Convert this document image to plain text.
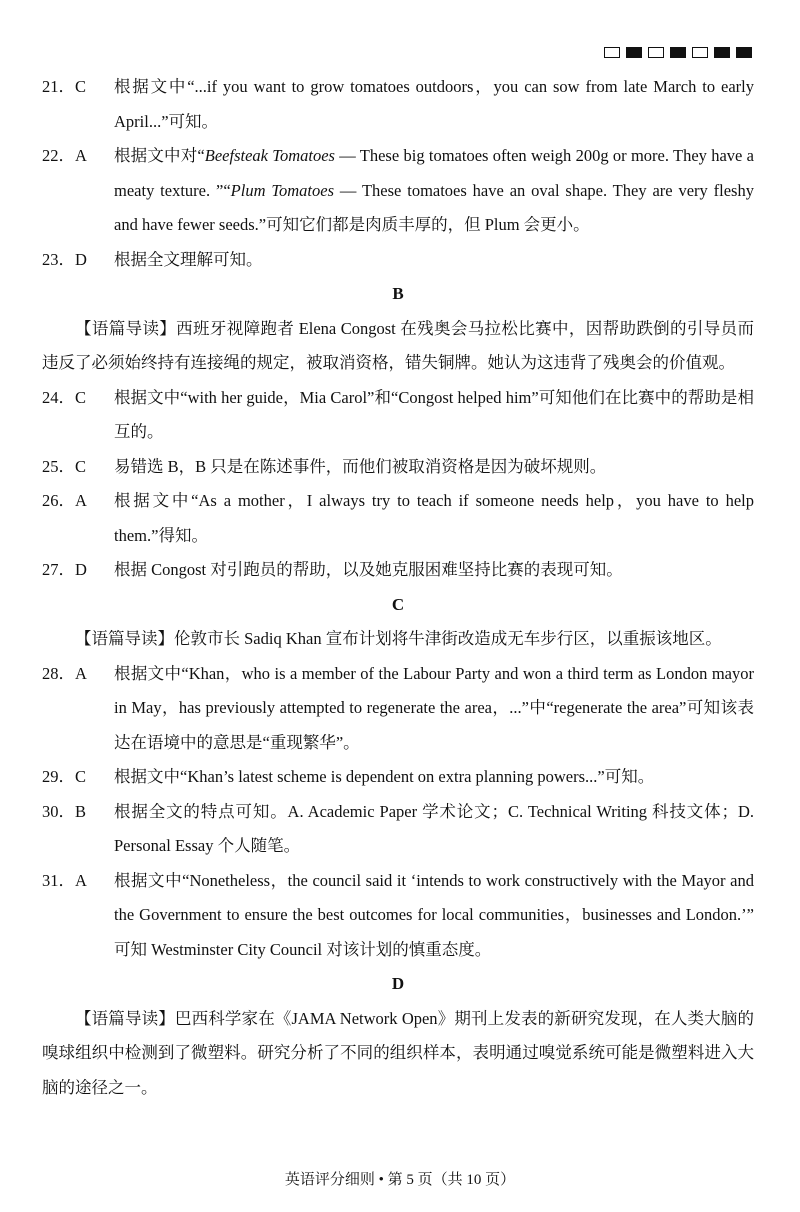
21．C	根据文中“...if you want to grow tomatoes outdoors，you can sow from late March to early April...”可知。
22．A	根据文中对“Beefsteak Tomatoes — These big tomatoes often weigh 200g or more. They have a meaty texture. ”“Plum Tomatoes — These tomatoes have an oval shape. They are very fleshy and have fewer seeds.”可知它们都是肉质丰厚的，但 Plum 会更小。
23．D	根据全文理解可知。
B
【语篇导读】西班牙视障跑者 Elena Congost 在残奥会马拉松比赛中，因帮助跌倒的引导员而违反了必须始终持有连接绳的规定，被取消资格，错失铜牌。她认为这违背了残奥会的价值观。
24．C	根据文中“with her guide，Mia Carol”和“Congost helped him”可知他们在比赛中的帮助是相互的。
25．C	易错选 B，B 只是在陈述事件，而他们被取消资格是因为破坏规则。
26．A	根据文中“As a mother，I always try to teach if someone needs help，you have to help them.”得知。
27．D	根据 Congost 对引跑员的帮助，以及她克服困难坚持比赛的表现可知。
C
【语篇导读】伦敦市长 Sadiq Khan 宣布计划将牛津街改造成无车步行区，以重振该地区。
28．A	根据文中“Khan，who is a member of the Labour Party and won a third term as London mayor in May，has previously attempted to regenerate the area，...”中“regenerate the area”可知该表达在语境中的意思是“重现繁华”。
29．C	根据文中“Khan’s latest scheme is dependent on extra planning powers...”可知。
30．B	根据全文的特点可知。A. Academic Paper 学术论文；C. Technical Writing 科技文体；D. Personal Essay 个人随笔。
31．A	根据文中“Nonetheless，the council said it ‘intends to work constructively with the Mayor and the Government to ensure the best outcomes for local communities，businesses and London.’” 可知 Westminster City Council 对该计划的慎重态度。
D
【语篇导读】巴西科学家在《JAMA Network Open》期刊上发表的新研究发现，在人类大脑的嗅球组织中检测到了微塑料。研究分析了不同的组织样本，表明通过嗅觉系统可能是微塑料进入大脑的途径之一。
英语评分细则 • 第 5 页（共 10 页）
